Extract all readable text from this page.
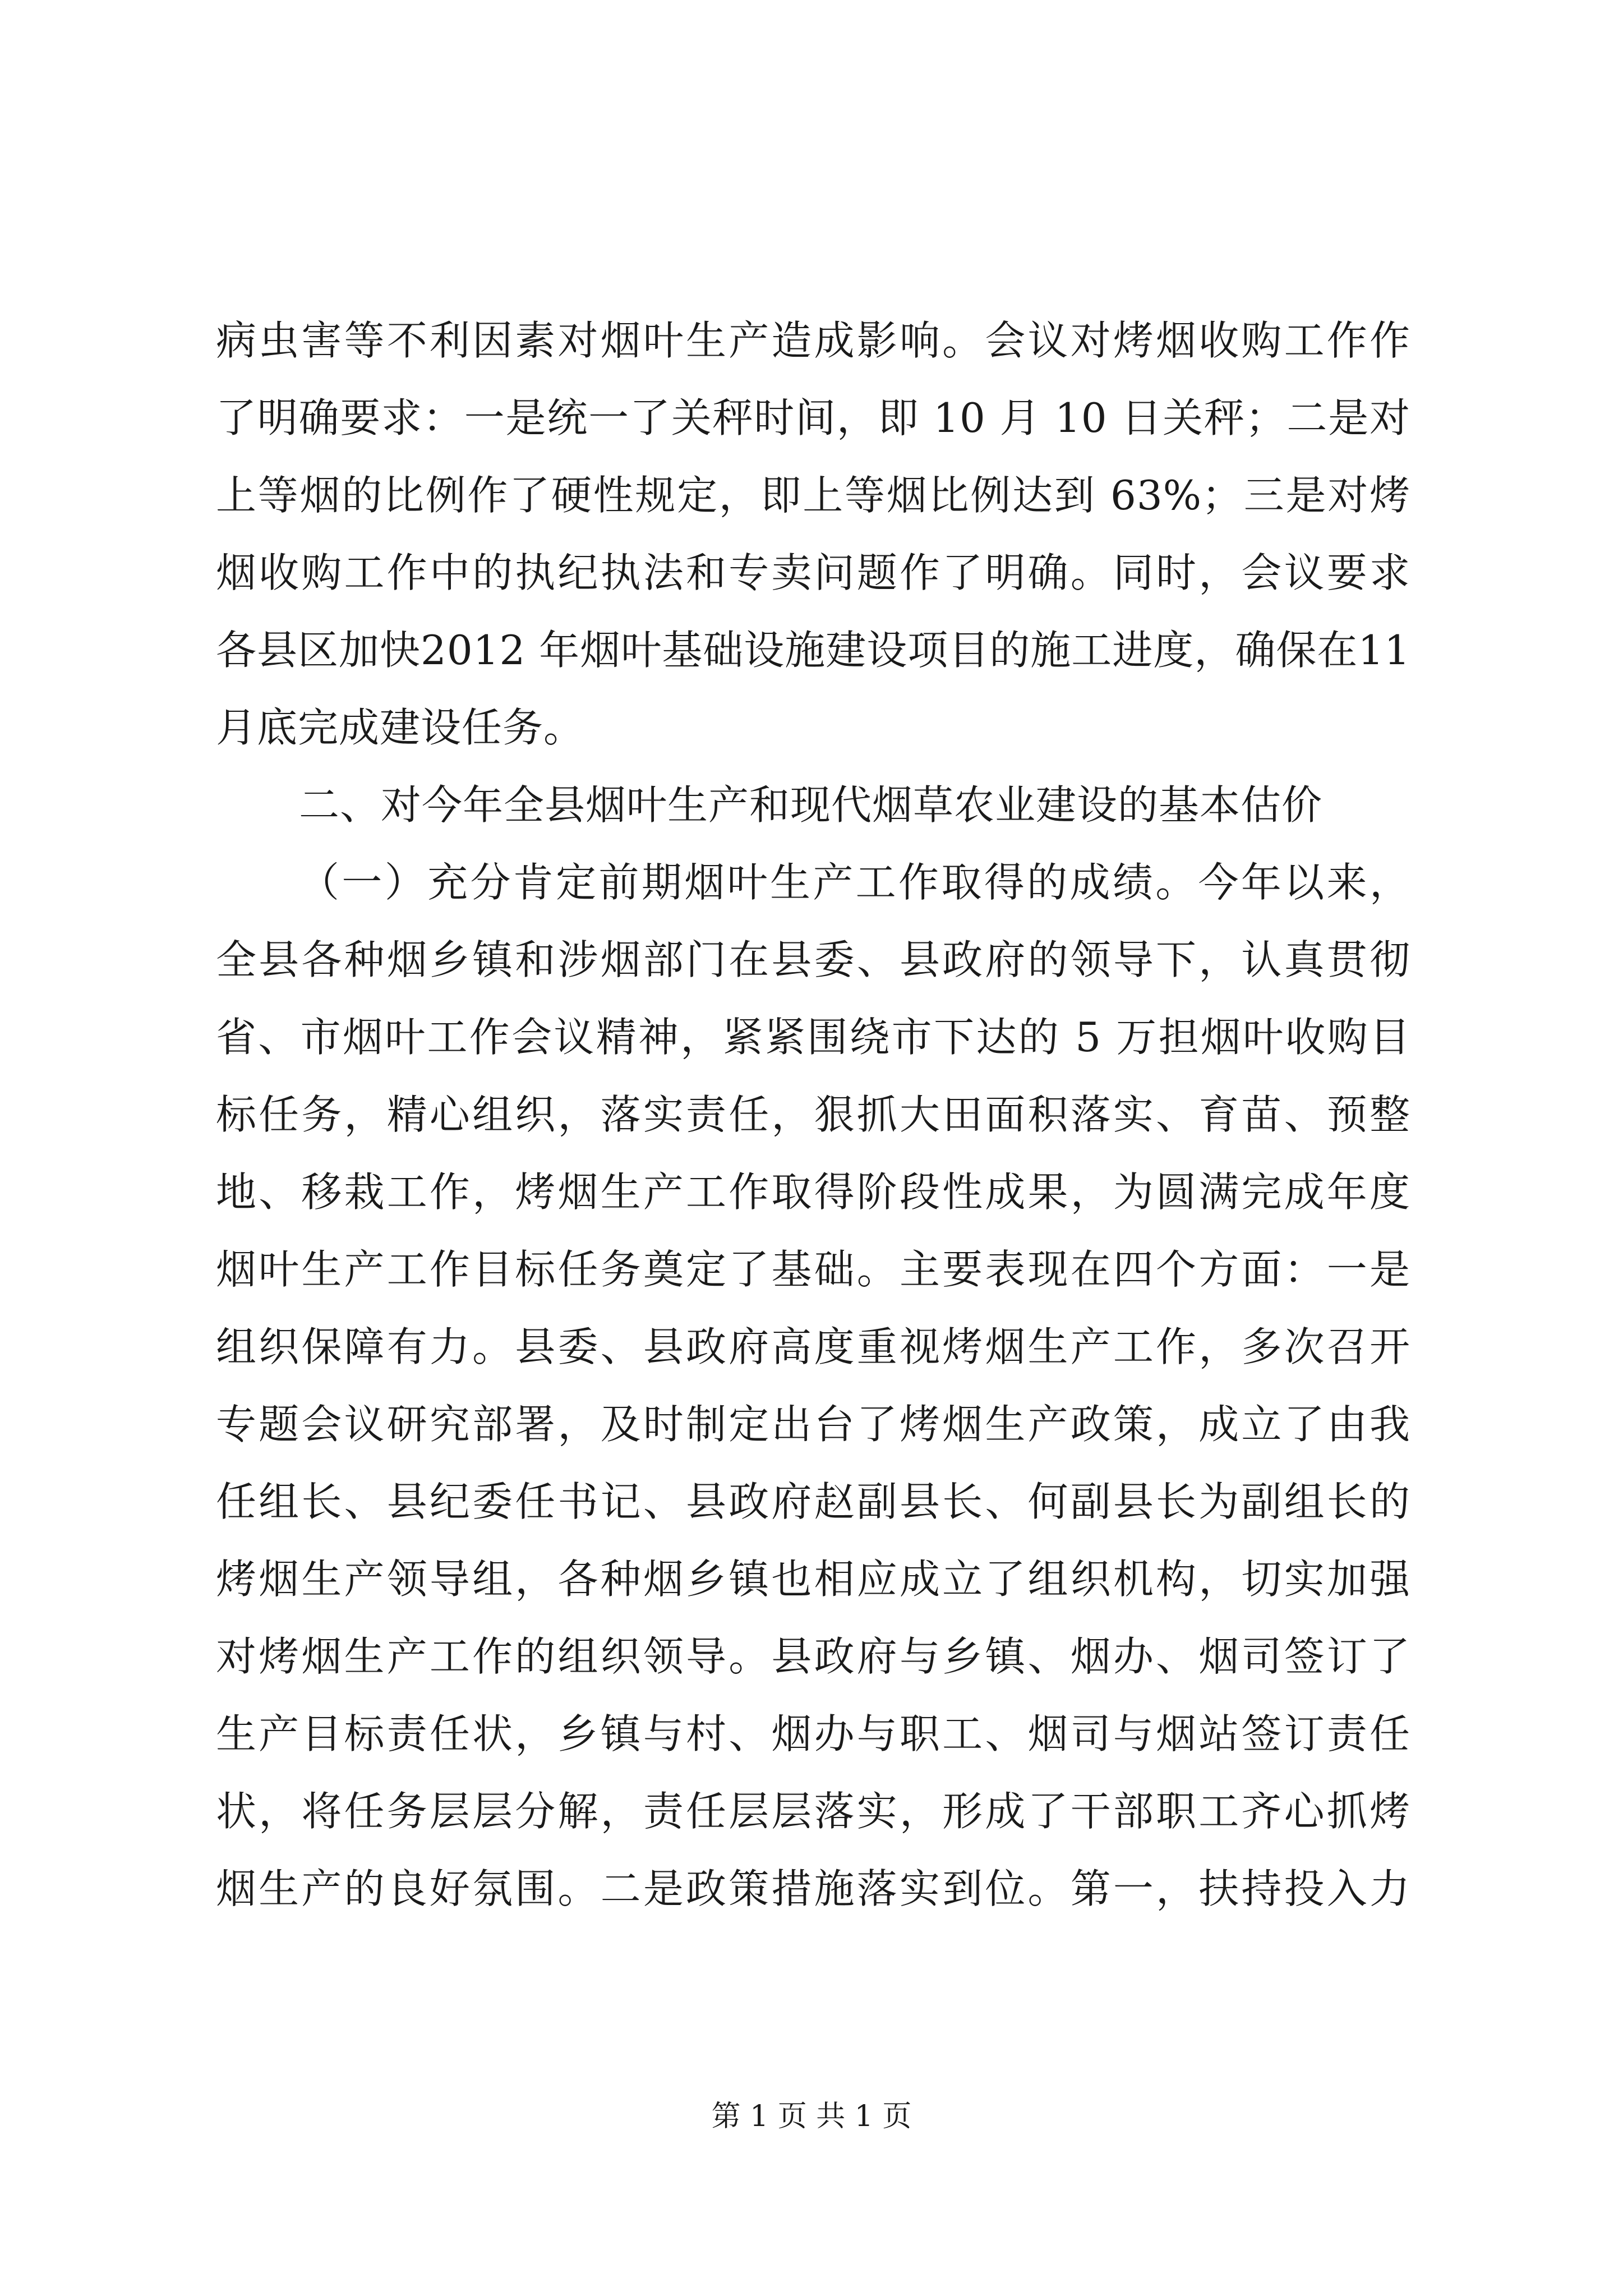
病虫害等不利因素对烟叶生产造成影响。会议对烤烟收购工作作
了明确要求：一是统一了关秤时间，即 10 月 10 日关秤；二是对
上等烟的比例作了硬性规定，即上等烟比例达到 63%；三是对烤
烟收购工作中的执纪执法和专卖问题作了明确。同时，会议要求
各县区加快2012 年烟叶基础设施建设项目的施工进度，确保在11
月底完成建设任务。
二、对今年全县烟叶生产和现代烟草农业建设的基本估价
（一）充分肯定前期烟叶生产工作取得的成绩。今年以来，
全县各种烟乡镇和涉烟部门在县委、县政府的领导下，认真贯彻
省、市烟叶工作会议精神，紧紧围绕市下达的 5 万担烟叶收购目
标任务，精心组织，落实责任，狠抓大田面积落实、育苗、预整
地、移栽工作，烤烟生产工作取得阶段性成果，为圆满完成年度
烟叶生产工作目标任务奠定了基础。主要表现在四个方面：一是
组织保障有力。县委、县政府高度重视烤烟生产工作，多次召开
专题会议研究部署，及时制定出台了烤烟生产政策，成立了由我
任组长、县纪委任书记、县政府赵副县长、何副县长为副组长的
烤烟生产领导组，各种烟乡镇也相应成立了组织机构，切实加强
对烤烟生产工作的组织领导。县政府与乡镇、烟办、烟司签订了
生产目标责任状，乡镇与村、烟办与职工、烟司与烟站签订责任
状，将任务层层分解，责任层层落实，形成了干部职工齐心抓烤
烟生产的良好氛围。二是政策措施落实到位。第一，扶持投入力
第 1 页 共 1 页
